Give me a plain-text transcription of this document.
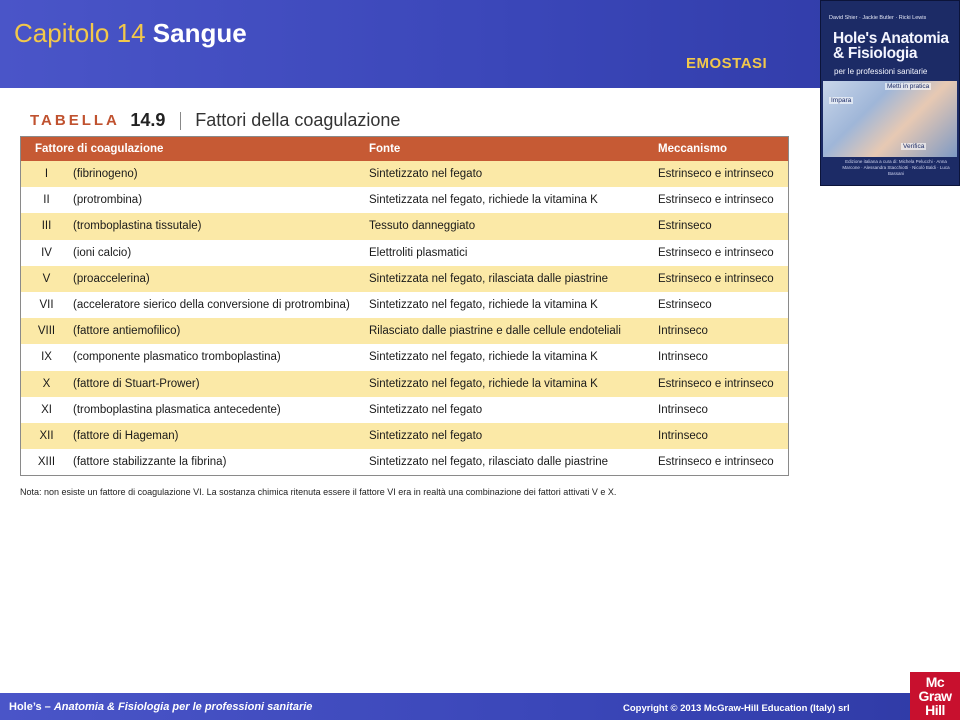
Capitolo 14 Sangue
EMOSTASI
David Shier · Jackie Butler · Ricki Lewis
Hole's Anatomia
& Fisiologia
per le professioni sanitarie
Metti in pratica
Impara
Verifica
Edizione italiana a cura di: Michela Pelucchi · Anna Marcone · Alessandra Stacchiotti · Nicolò Baldi · Luca Bassani
TABELLA 14.9 Fattori della coagulazione
Fattore di coagulazione	Fonte	Meccanismo
I	(fibrinogeno)	Sintetizzato nel fegato	Estrinseco e intrinseco
II	(protrombina)	Sintetizzata nel fegato, richiede la vitamina K	Estrinseco e intrinseco
III	(tromboplastina tissutale)	Tessuto danneggiato	Estrinseco
IV	(ioni calcio)	Elettroliti plasmatici	Estrinseco e intrinseco
V	(proaccelerina)	Sintetizzata nel fegato, rilasciata dalle piastrine	Estrinseco e intrinseco
VII	(acceleratore sierico della conversione di protrombina)	Sintetizzato nel fegato, richiede la vitamina K	Estrinseco
VIII	(fattore antiemofilico)	Rilasciato dalle piastrine e dalle cellule endoteliali	Intrinseco
IX	(componente plasmatico tromboplastina)	Sintetizzato nel fegato, richiede la vitamina K	Intrinseco
X	(fattore di Stuart-Prower)	Sintetizzato nel fegato, richiede la vitamina K	Estrinseco e intrinseco
XI	(tromboplastina plasmatica antecedente)	Sintetizzato nel fegato	Intrinseco
XII	(fattore di Hageman)	Sintetizzato nel fegato	Intrinseco
XIII	(fattore stabilizzante la fibrina)	Sintetizzato nel fegato, rilasciato dalle piastrine	Estrinseco e intrinseco
Nota: non esiste un fattore di coagulazione VI. La sostanza chimica ritenuta essere il fattore VI era in realtà una combinazione dei fattori attivati V e X.
Hole’s – Anatomia & Fisiologia per le professioni sanitarie	Copyright © 2013 McGraw-Hill Education (Italy) srl
Mc
Graw
Hill
